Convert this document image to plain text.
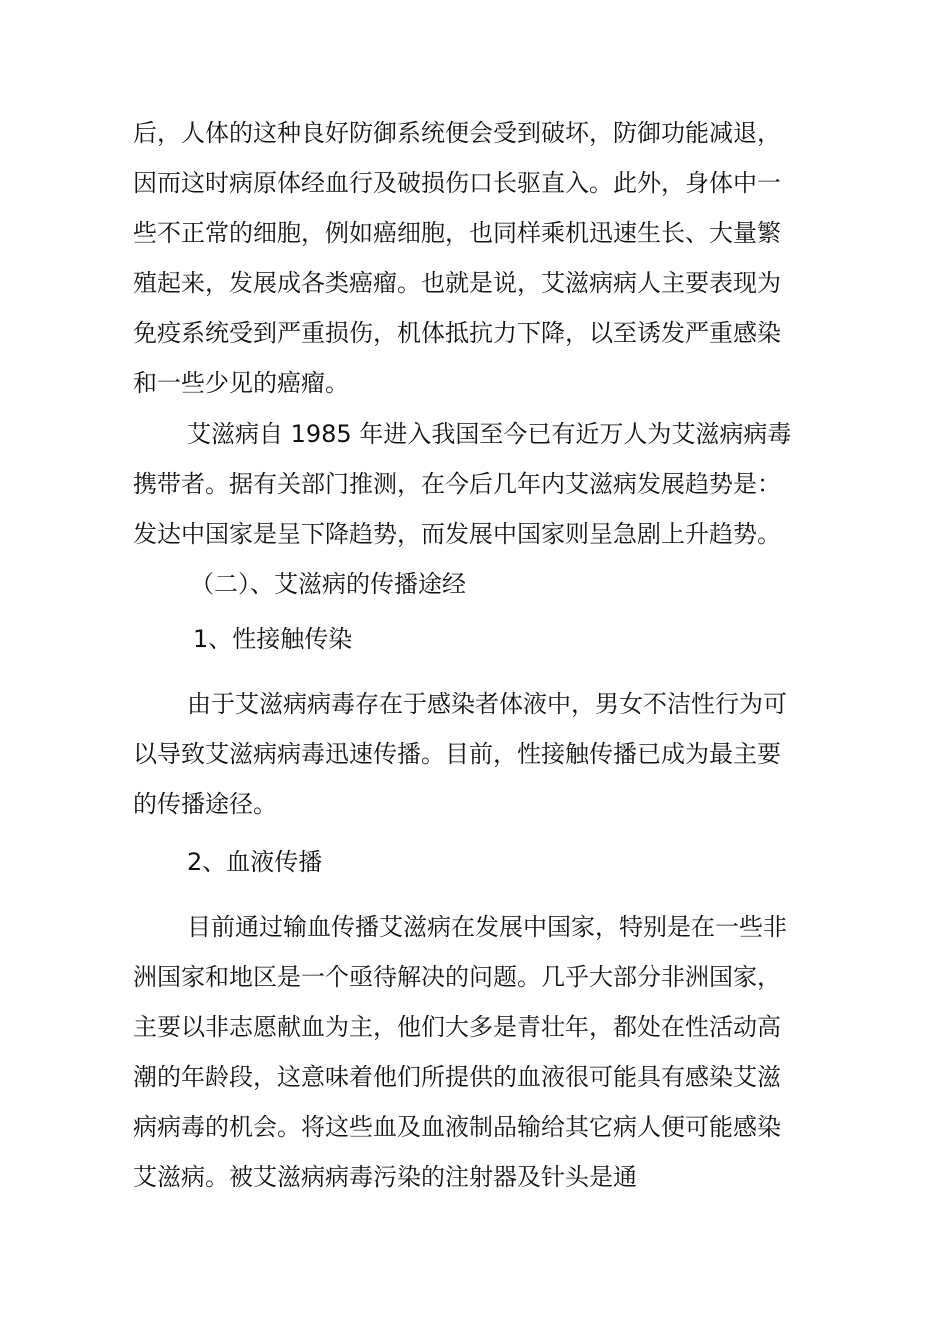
后，人体的这种良好防御系统便会受到破坏，防御功能减退，
因而这时病原体经血行及破损伤口长驱直入。此外，身体中一
些不正常的细胞，例如癌细胞，也同样乘机迅速生长、大量繁
殖起来，发展成各类癌瘤。也就是说，艾滋病病人主要表现为
免疫系统受到严重损伤，机体抵抗力下降，以至诱发严重感染
和一些少见的癌瘤。
艾滋病自 1985 年进入我国至今已有近万人为艾滋病病毒
携带者。据有关部门推测，在今后几年内艾滋病发展趋势是：
发达中国家是呈下降趋势，而发展中国家则呈急剧上升趋势。
（二）、艾滋病的传播途经
1、性接触传染
由于艾滋病病毒存在于感染者体液中，男女不洁性行为可
以导致艾滋病病毒迅速传播。目前，性接触传播已成为最主要
的传播途径。
2、血液传播
目前通过输血传播艾滋病在发展中国家，特别是在一些非
洲国家和地区是一个亟待解决的问题。几乎大部分非洲国家，
主要以非志愿献血为主，他们大多是青壮年，都处在性活动高
潮的年龄段，这意味着他们所提供的血液很可能具有感染艾滋
病病毒的机会。将这些血及血液制品输给其它病人便可能感染
艾滋病。被艾滋病病毒污染的注射器及针头是通
